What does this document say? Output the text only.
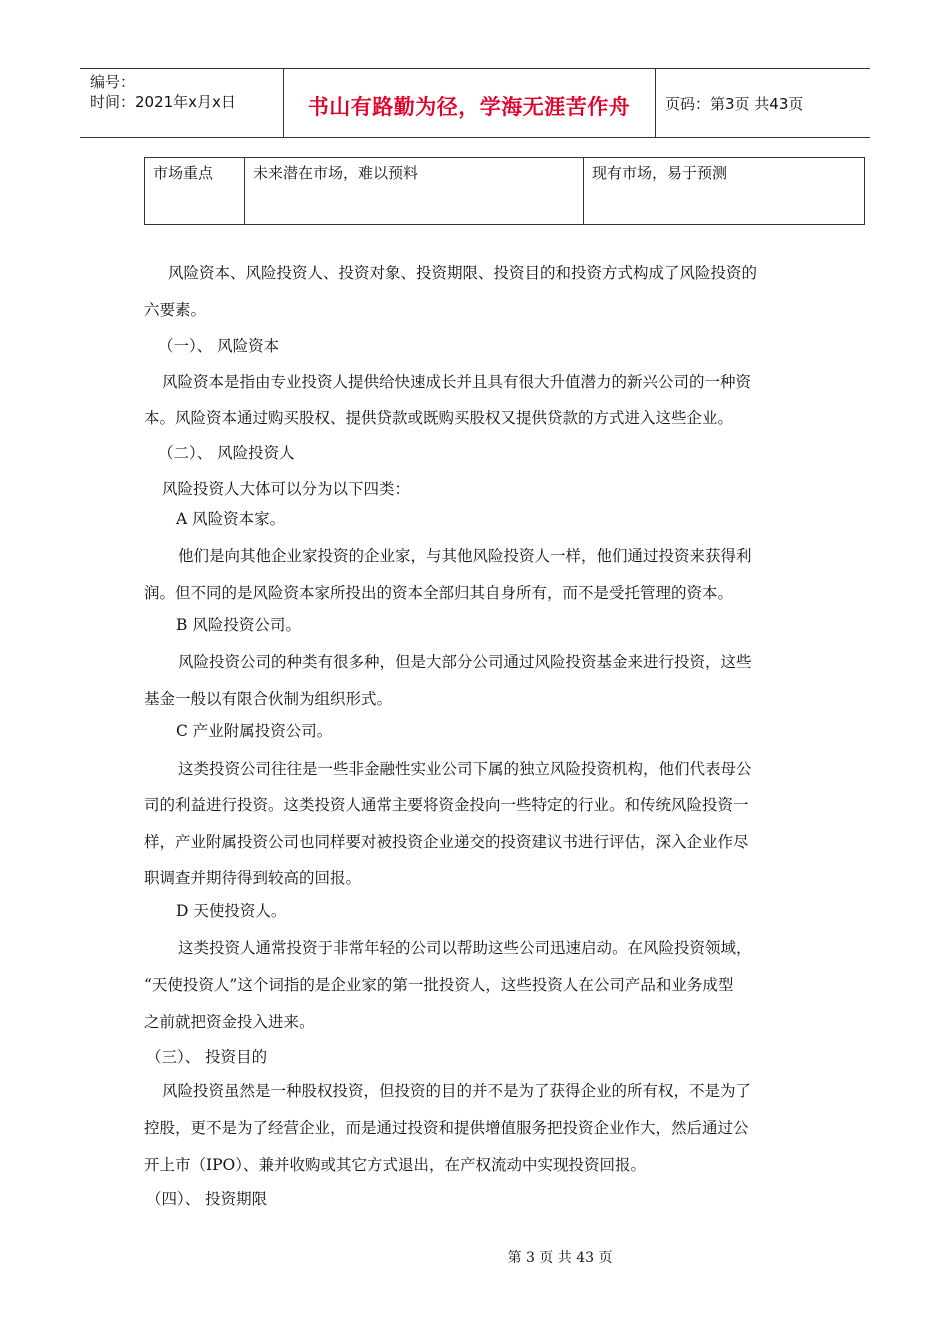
编号：
时间：2021年x月x日	书山有路勤为径，学海无涯苦作舟	页码：第3页 共43页
市场重点	未来潜在市场，难以预料	现有市场，易于预测
风险资本、风险投资人、投资对象、投资期限、投资目的和投资方式构成了风险投资的
六要素。
（一）、 风险资本
风险资本是指由专业投资人提供给快速成长并且具有很大升值潜力的新兴公司的一种资
本。风险资本通过购买股权、提供贷款或既购买股权又提供贷款的方式进入这些企业。
（二）、 风险投资人
风险投资人大体可以分为以下四类：
A 风险资本家。
他们是向其他企业家投资的企业家，与其他风险投资人一样，他们通过投资来获得利
润。但不同的是风险资本家所投出的资本全部归其自身所有，而不是受托管理的资本。
B 风险投资公司。
风险投资公司的种类有很多种，但是大部分公司通过风险投资基金来进行投资，这些
基金一般以有限合伙制为组织形式。
C 产业附属投资公司。
这类投资公司往往是一些非金融性实业公司下属的独立风险投资机构，他们代表母公
司的利益进行投资。这类投资人通常主要将资金投向一些特定的行业。和传统风险投资一
样，产业附属投资公司也同样要对被投资企业递交的投资建议书进行评估，深入企业作尽
职调查并期待得到较高的回报。
D 天使投资人。
这类投资人通常投资于非常年轻的公司以帮助这些公司迅速启动。在风险投资领域，
“天使投资人”这个词指的是企业家的第一批投资人，这些投资人在公司产品和业务成型
之前就把资金投入进来。
（三）、 投资目的
风险投资虽然是一种股权投资，但投资的目的并不是为了获得企业的所有权，不是为了
控股，更不是为了经营企业，而是通过投资和提供增值服务把投资企业作大，然后通过公
开上市（IPO）、兼并收购或其它方式退出，在产权流动中实现投资回报。
（四）、 投资期限
第 3 页 共 43 页
